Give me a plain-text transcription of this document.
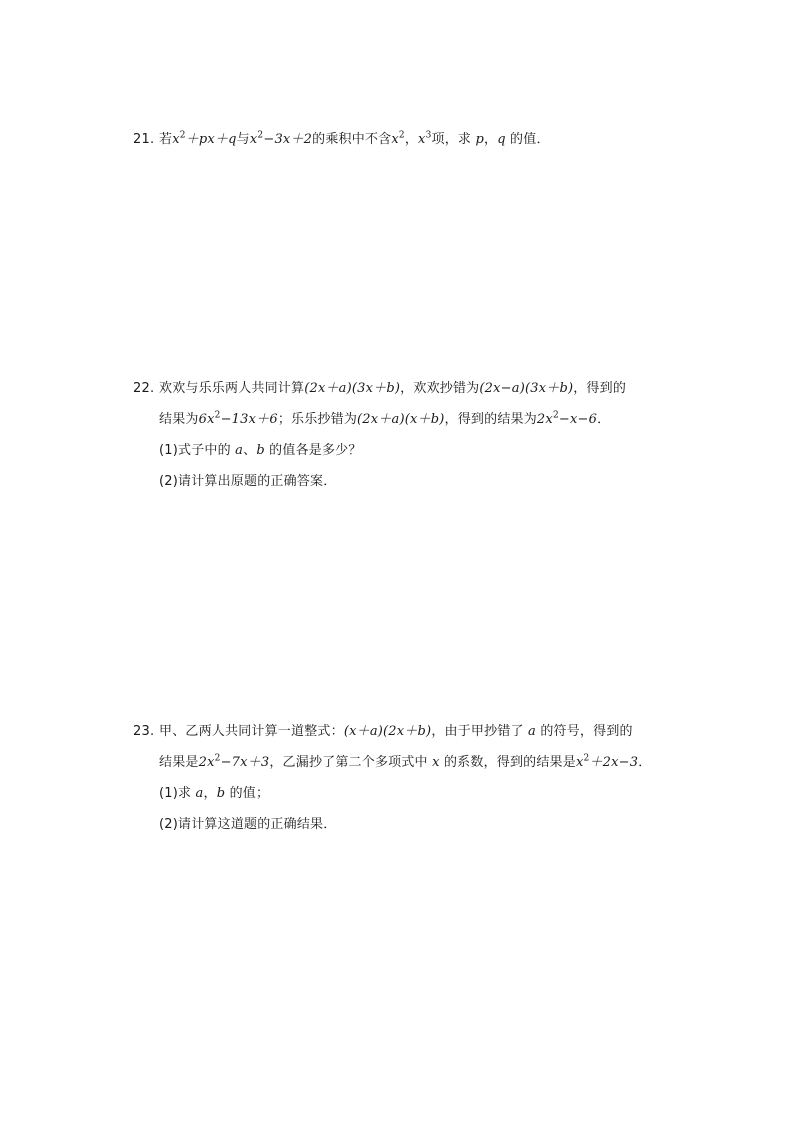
21. 若$x^2+px+q$与$x^2-3x+2$的乘积中不含$x^2$，$x^3$项，求 p，q 的值．
22. 欢欢与乐乐两人共同计算(2x＋a)(3x＋b)，欢欢抄错为(2x−a)(3x＋b)，得到的
结果为$6x^2-13x+6$；乐乐抄错为(2x＋a)(x＋b)，得到的结果为$2x^2-x-6$．
(1)式子中的 a、b 的值各是多少？
(2)请计算出原题的正确答案．
23. 甲、乙两人共同计算一道整式：(x＋a)(2x＋b)，由于甲抄错了 a 的符号，得到的
结果是$2x^2-7x+3$，乙漏抄了第二个多项式中 x 的系数，得到的结果是$x^2+2x-3$．
(1)求 a，b 的值；
(2)请计算这道题的正确结果．
